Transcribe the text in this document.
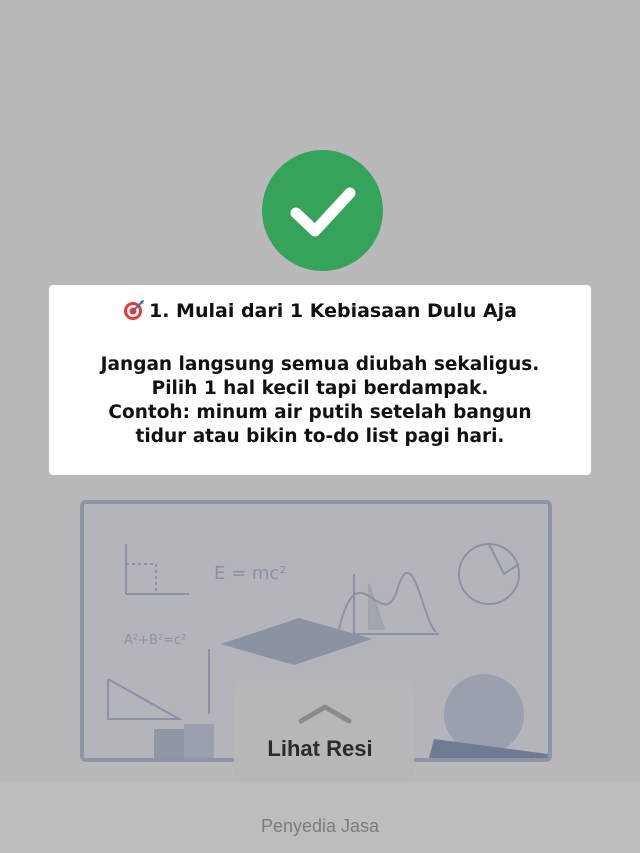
E = mc²
A²+B²=c²
Lihat Resi
Penyedia Jasa
1. Mulai dari 1 Kebiasaan Dulu Aja
Jangan langsung semua diubah sekaligus.
Pilih 1 hal kecil tapi berdampak.
Contoh: minum air putih setelah bangun
tidur atau bikin to-do list pagi hari.
